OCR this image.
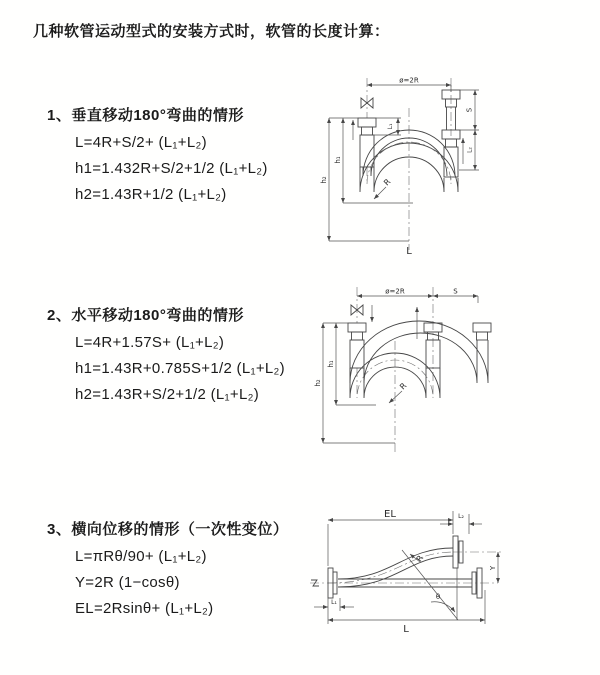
几种软管运动型式的安装方式时，软管的长度计算：
1、垂直移动180°弯曲的情形
L=4R+S/2+ (L₁+L₂)
h1=1.432R+S/2+1/2 (L₁+L₂)
h2=1.43R+1/2 (L₁+L₂)
2、水平移动180°弯曲的情形
L=4R+1.57S+ (L₁+L₂)
h1=1.43R+0.785S+1/2 (L₁+L₂)
h2=1.43R+S/2+1/2 (L₁+L₂)
3、横向位移的情形（一次性变位）
L=πRθ/90+ (L₁+L₂)
Y=2R (1−cosθ)
EL=2Rsinθ+ (L₁+L₂)
ø=2R
S
L₂
L₁
h₁
h₂	R
L
ø=2R	S
h₁
h₂	R
θ
EL	L₂
Y
R
L₁
L
